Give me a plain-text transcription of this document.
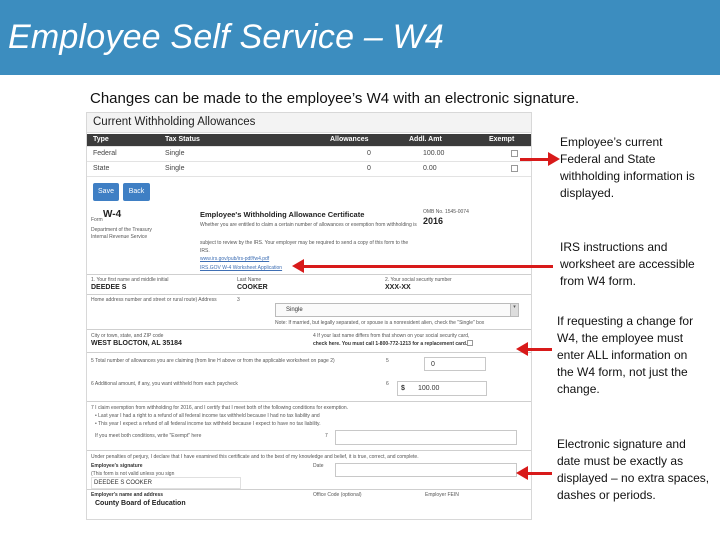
Employee Self Service – W4
Changes can be made to the employee’s W4 with an electronic signature.
Current Withholding Allowances
Type	Tax Status	Allowances	Addl. Amt	Exempt
Federal	Single	0	100.00
State	Single	0	0.00
Save	Back
Form W-4
Department of the Treasury
Internal Revenue Service
Employee's Withholding Allowance Certificate	OMB No. 1545-0074
2016
Whether you are entitled to claim a certain number of allowances or exemption from withholding is
subject to review by the IRS. Your employer may be required to send a copy of this form to the
IRS.
www.irs.gov/pub/irs-pdf/fw4.pdf
IRS.GOV W-4 Worksheet Application
1. Your first name and middle initial
DEEDEE S
Last Name
COOKER
2. Your social security number
XXX-XX
Home address number and street or rural route) Address	3
Single	▾
Note: If married, but legally separated, or spouse is a nonresident alien, check the "Single" box
City or town, state, and ZIP code
WEST BLOCTON, AL 35184
4 If your last name differs from that shown on your social security card,
check here. You must call 1-800-772-1213 for a replacement card.
5 Total number of allowances you are claiming (from line H above or from the applicable worksheet on page 2)	5	0
6 Additional amount, if any, you want withheld from each paycheck	6
$ 100.00
7 I claim exemption from withholding for 2016, and I certify that I meet both of the following conditions for exemption.
• Last year I had a right to a refund of all federal income tax withheld because I had no tax liability and
• This year I expect a refund of all federal income tax withheld because I expect to have no tax liability.
If you meet both conditions, write "Exempt" here	7
Under penalties of perjury, I declare that I have examined this certificate and to the best of my knowledge and belief, it is true, correct, and complete.
Employee's signature
(This form is not valid unless you sign
DEEDEE S COOKER
Date
Employer's name and address
County Board of Education
Office Code (optional)	Employer FEIN
Employee’s current
Federal and State
withholding information is
displayed.
IRS instructions and
worksheet are accessible
from W4 form.
If requesting a change for
W4, the employee must
enter ALL information on
the W4 form, not just the
change.
Electronic signature and
date must be exactly as
displayed – no extra spaces,
dashes or periods.
